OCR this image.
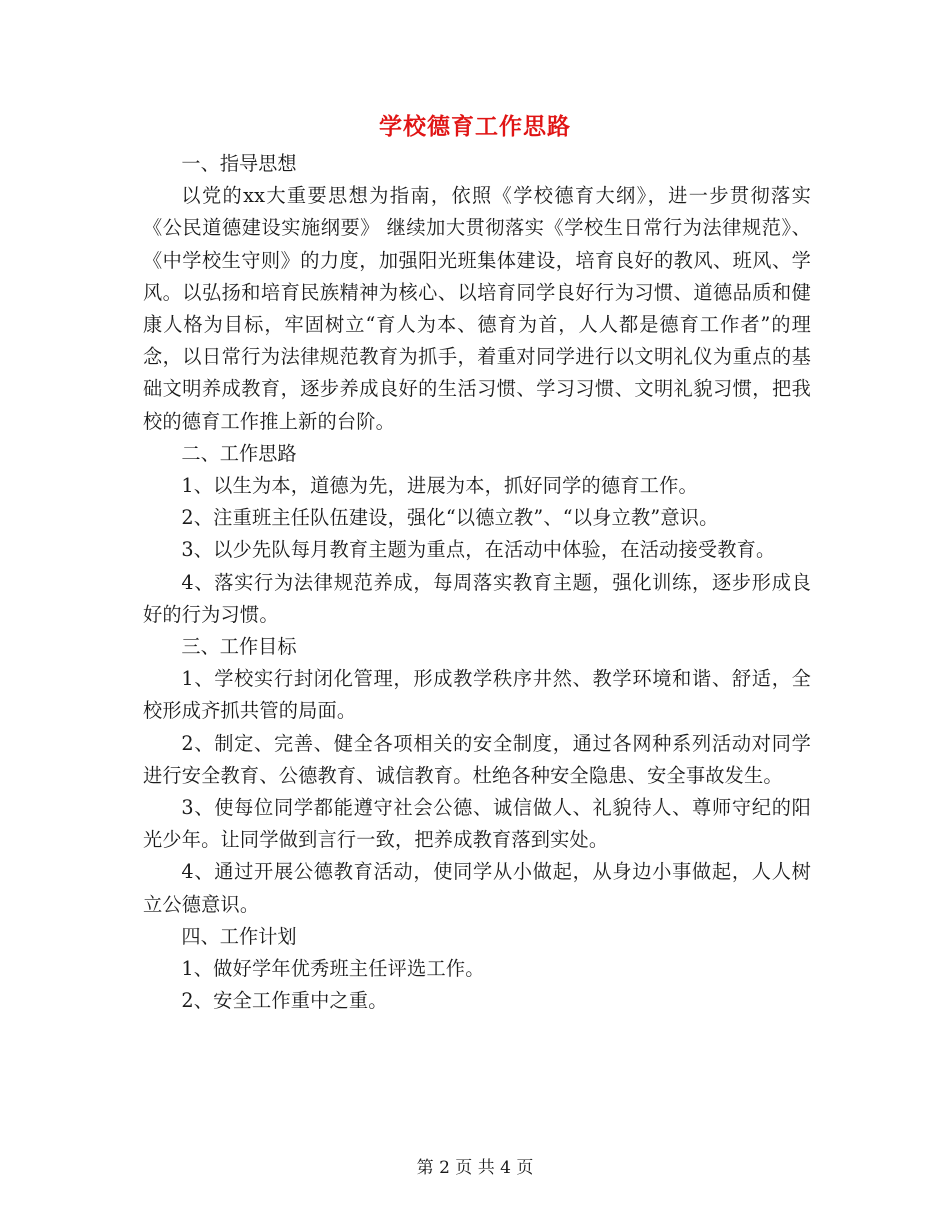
学校德育工作思路

一、指导思想

以党的xx大重要思想为指南，依照《学校德育大纲》，进一步贯彻落实《公民道德建设实施纲要》 继续加大贯彻落实《学校生日常行为法律规范》、《中学校生守则》的力度，加强阳光班集体建设，培育良好的教风、班风、学风。以弘扬和培育民族精神为核心、以培育同学良好行为习惯、道德品质和健康人格为目标，牢固树立“育人为本、德育为首，人人都是德育工作者”的理念，以日常行为法律规范教育为抓手，着重对同学进行以文明礼仪为重点的基础文明养成教育，逐步养成良好的生活习惯、学习习惯、文明礼貌习惯，把我校的德育工作推上新的台阶。

二、工作思路

1、以生为本，道德为先，进展为本，抓好同学的德育工作。

2、注重班主任队伍建设，强化“以德立教”、“以身立教”意识。

3、以少先队每月教育主题为重点，在活动中体验，在活动接受教育。

4、落实行为法律规范养成，每周落实教育主题，强化训练，逐步形成良好的行为习惯。

三、工作目标

1、学校实行封闭化管理，形成教学秩序井然、教学环境和谐、舒适，全校形成齐抓共管的局面。

2、制定、完善、健全各项相关的安全制度，通过各网种系列活动对同学进行安全教育、公德教育、诚信教育。杜绝各种安全隐患、安全事故发生。

3、使每位同学都能遵守社会公德、诚信做人、礼貌待人、尊师守纪的阳光少年。让同学做到言行一致，把养成教育落到实处。

4、通过开展公德教育活动，使同学从小做起，从身边小事做起，人人树立公德意识。

四、工作计划

1、做好学年优秀班主任评选工作。

2、安全工作重中之重。

第 2 页 共 4 页
